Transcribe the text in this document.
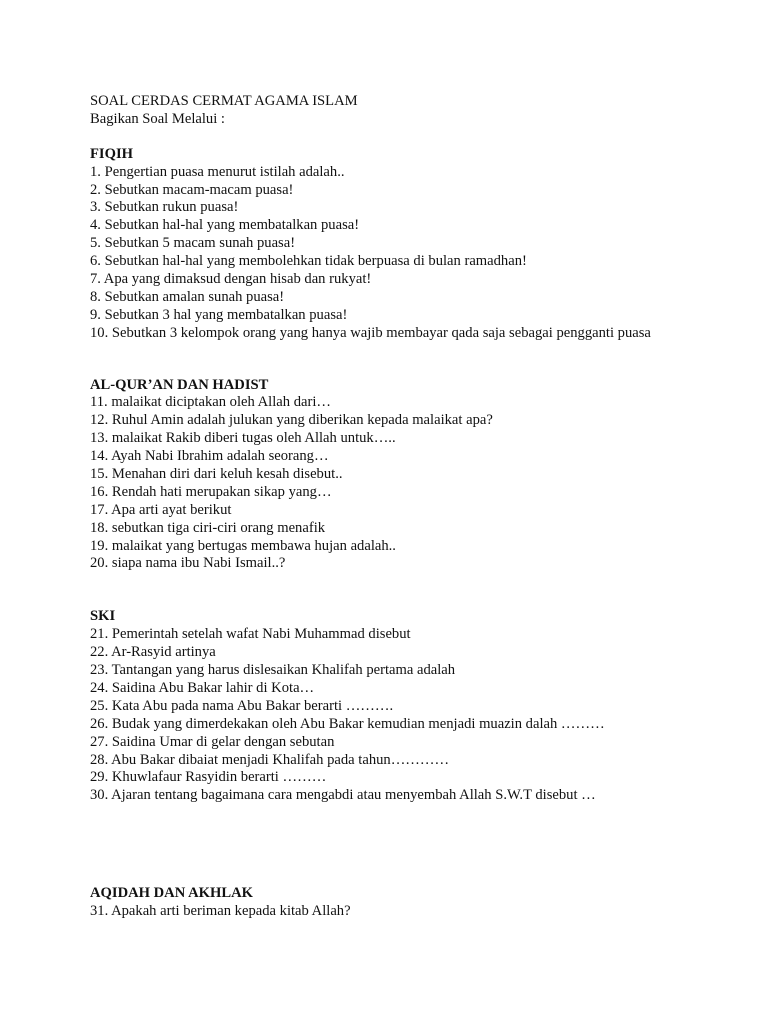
SOAL CERDAS CERMAT AGAMA ISLAM
Bagikan Soal Melalui :
FIQIH
1. Pengertian puasa menurut istilah adalah..
2. Sebutkan macam-macam puasa!
3. Sebutkan rukun puasa!
4. Sebutkan hal-hal yang membatalkan puasa!
5. Sebutkan 5 macam sunah puasa!
6. Sebutkan hal-hal yang membolehkan tidak berpuasa di bulan ramadhan!
7. Apa yang dimaksud dengan hisab dan rukyat!
8. Sebutkan amalan sunah puasa!
9. Sebutkan 3 hal yang membatalkan puasa!
10. Sebutkan 3 kelompok orang yang hanya wajib membayar qada saja sebagai pengganti puasa
AL-QUR’AN DAN HADIST
11. malaikat diciptakan oleh Allah dari…
12. Ruhul Amin adalah julukan yang diberikan kepada malaikat apa?
13. malaikat Rakib diberi tugas oleh Allah untuk…..
14. Ayah Nabi Ibrahim adalah seorang…
15. Menahan diri dari keluh kesah disebut..
16. Rendah hati merupakan sikap yang…
17. Apa arti ayat berikut
18. sebutkan tiga ciri-ciri orang menafik
19. malaikat yang bertugas membawa hujan adalah..
20. siapa nama ibu Nabi Ismail..?
SKI
21. Pemerintah setelah wafat Nabi Muhammad disebut
22. Ar-Rasyid artinya
23. Tantangan yang harus dislesaikan Khalifah pertama adalah
24. Saidina Abu Bakar lahir di Kota…
25. Kata Abu pada nama Abu Bakar berarti ……….
26. Budak yang dimerdekakan oleh Abu Bakar kemudian menjadi muazin dalah ………
27. Saidina Umar di gelar dengan sebutan
28. Abu Bakar dibaiat menjadi Khalifah pada tahun…………
29. Khuwlafaur Rasyidin berarti ………
30. Ajaran tentang bagaimana cara mengabdi atau menyembah Allah S.W.T disebut …
AQIDAH DAN AKHLAK
31. Apakah arti beriman kepada kitab Allah?
